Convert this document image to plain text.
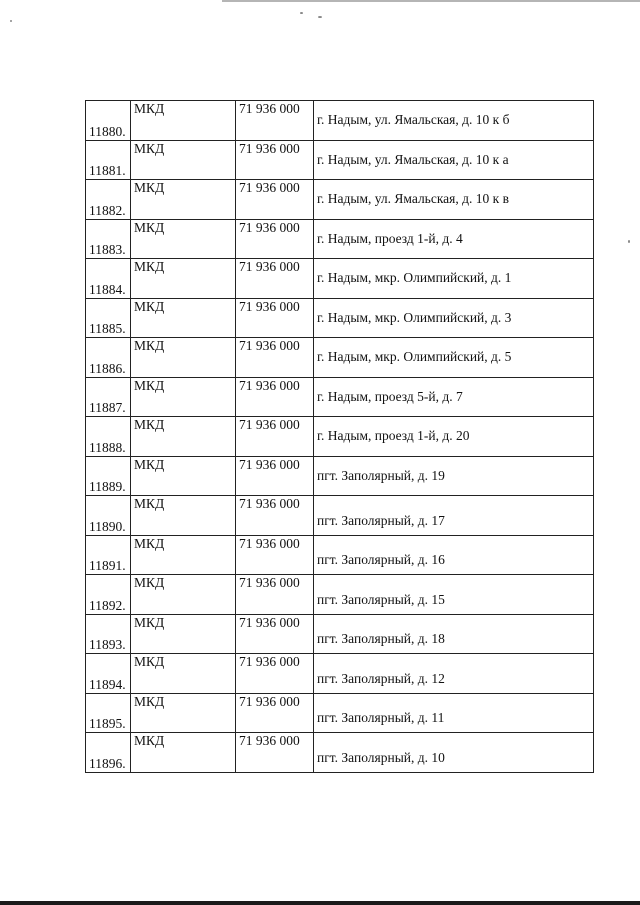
11880.	МКД	71 936 000	г. Надым, ул. Ямальская, д. 10 к б
11881.	МКД	71 936 000	г. Надым, ул. Ямальская, д. 10 к а
11882.	МКД	71 936 000	г. Надым, ул. Ямальская, д. 10 к в
11883.	МКД	71 936 000	г. Надым, проезд 1-й, д. 4
11884.	МКД	71 936 000	г. Надым, мкр. Олимпийский, д. 1
11885.	МКД	71 936 000	г. Надым, мкр. Олимпийский, д. 3
11886.	МКД	71 936 000	г. Надым, мкр. Олимпийский, д. 5
11887.	МКД	71 936 000	г. Надым, проезд 5-й, д. 7
11888.	МКД	71 936 000	г. Надым, проезд 1-й, д. 20
11889.	МКД	71 936 000	пгт. Заполярный, д. 19
11890.	МКД	71 936 000	пгт. Заполярный, д. 17
11891.	МКД	71 936 000	пгт. Заполярный, д. 16
11892.	МКД	71 936 000	пгт. Заполярный, д. 15
11893.	МКД	71 936 000	пгт. Заполярный, д. 18
11894.	МКД	71 936 000	пгт. Заполярный, д. 12
11895.	МКД	71 936 000	пгт. Заполярный, д. 11
11896.	МКД	71 936 000	пгт. Заполярный, д. 10
